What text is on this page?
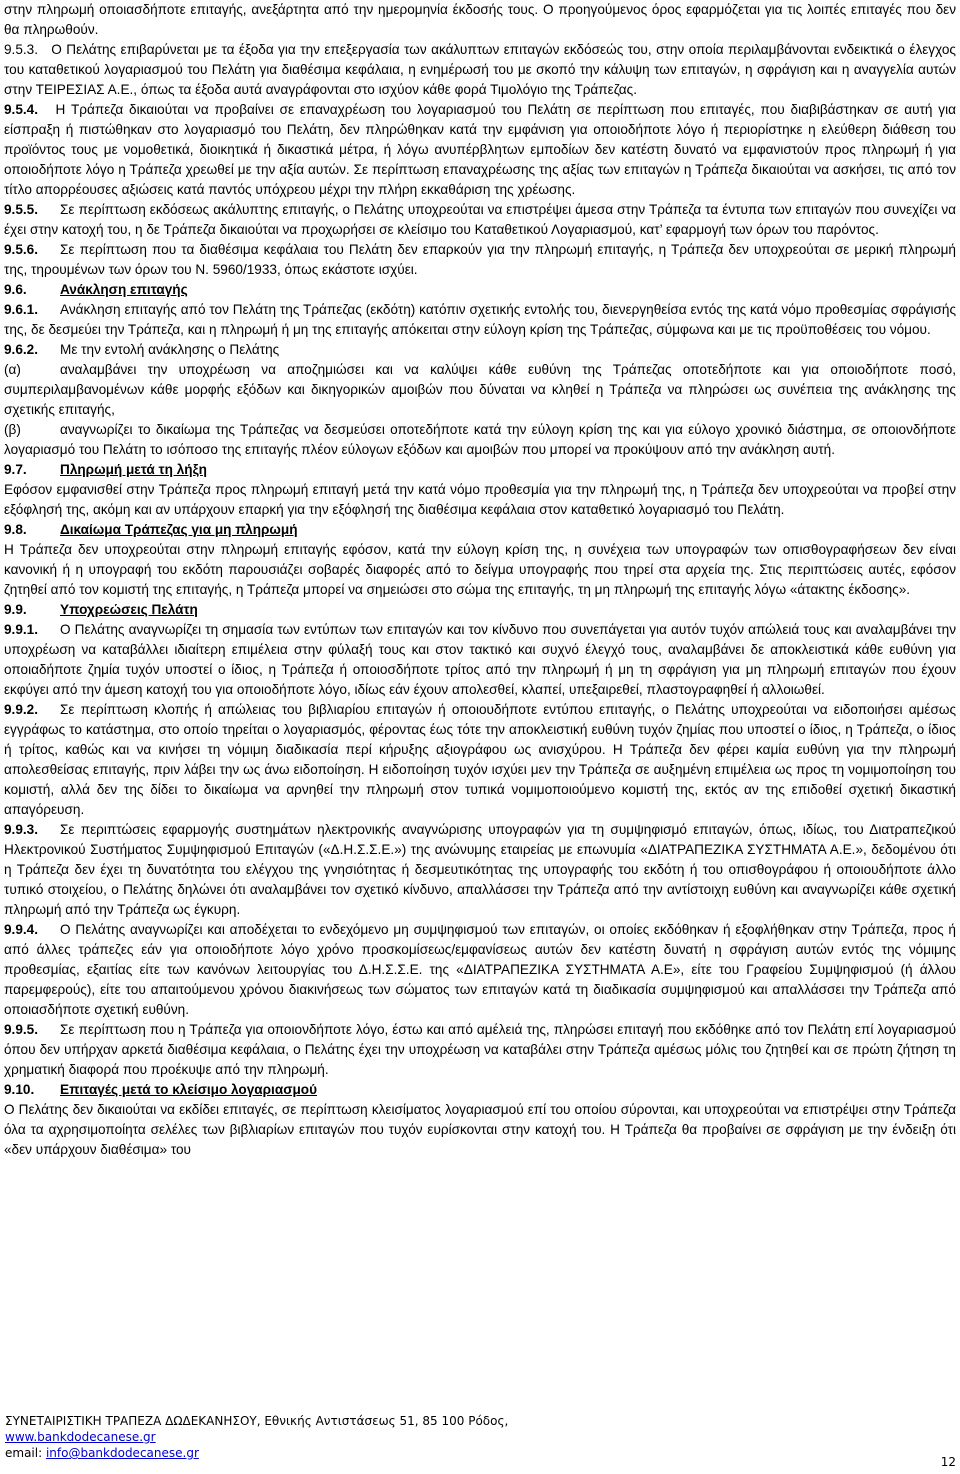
στην πληρωμή οποιασδήποτε επιταγής, ανεξάρτητα από την ημερομηνία έκδοσής τους. Ο προηγούμενος όρος εφαρμόζεται για τις λοιπές επιταγές που δεν θα πληρωθούν.

9.5.3. Ο Πελάτης επιβαρύνεται με τα έξοδα για την επεξεργασία των ακάλυπτων επιταγών εκδόσεώς του, στην οποία περιλαμβάνονται ενδεικτικά ο έλεγχος του καταθετικού λογαριασμού του Πελάτη για διαθέσιμα κεφάλαια, η ενημέρωσή του με σκοπό την κάλυψη των επιταγών, η σφράγιση και η αναγγελία αυτών στην ΤΕΙΡΕΣΙΑΣ Α.Ε., όπως τα έξοδα αυτά αναγράφονται στο ισχύον κάθε φορά Τιμολόγιο της Τράπεζας.

9.5.4. Η Τράπεζα δικαιούται να προβαίνει σε επαναχρέωση του λογαριασμού του Πελάτη σε περίπτωση που επιταγές, που διαβιβάστηκαν σε αυτή για είσπραξη ή πιστώθηκαν στο λογαριασμό του Πελάτη, δεν πληρώθηκαν κατά την εμφάνιση για οποιοδήποτε λόγο ή περιορίστηκε η ελεύθερη διάθεση του προϊόντος τους με νομοθετικά, διοικητικά ή δικαστικά μέτρα, ή λόγω ανυπέρβλητων εμποδίων δεν κατέστη δυνατό να εμφανιστούν προς πληρωμή ή για οποιοδήποτε λόγο η Τράπεζα χρεωθεί με την αξία αυτών. Σε περίπτωση επαναχρέωσης της αξίας των επιταγών η Τράπεζα δικαιούται να ασκήσει, τις από τον τίτλο απορρέουσες αξιώσεις κατά παντός υπόχρεου μέχρι την πλήρη εκκαθάριση της χρέωσης.

9.5.5. Σε περίπτωση εκδόσεως ακάλυπτης επιταγής, ο Πελάτης υποχρεούται να επιστρέψει άμεσα στην Τράπεζα τα έντυπα των επιταγών που συνεχίζει να έχει στην κατοχή του, η δε Τράπεζα δικαιούται να προχωρήσει σε κλείσιμο του Καταθετικού Λογαριασμού, κατ’ εφαρμογή των όρων του παρόντος.

9.5.6. Σε περίπτωση που τα διαθέσιμα κεφάλαια του Πελάτη δεν επαρκούν για την πληρωμή επιταγής, η Τράπεζα δεν υποχρεούται σε μερική πληρωμή της, τηρουμένων των όρων του Ν. 5960/1933, όπως εκάστοτε ισχύει.

9.6. Ανάκληση επιταγής

9.6.1. Ανάκληση επιταγής από τον Πελάτη της Τράπεζας (εκδότη) κατόπιν σχετικής εντολής του, διενεργηθείσα εντός της κατά νόμο προθεσμίας σφράγισής της, δε δεσμεύει την Τράπεζα, και η πληρωμή ή μη της επιταγής απόκειται στην εύλογη κρίση της Τράπεζας, σύμφωνα και με τις προϋποθέσεις του νόμου.

9.6.2. Με την εντολή ανάκλησης ο Πελάτης

(α)	αναλαμβάνει την υποχρέωση να αποζημιώσει και να καλύψει κάθε ευθύνη της Τράπεζας οποτεδήποτε και για οποιοδήποτε ποσό, συμπεριλαμβανομένων κάθε μορφής εξόδων και δικηγορικών αμοιβών που δύναται να κληθεί η Τράπεζα να πληρώσει ως συνέπεια της ανάκλησης της σχετικής επιταγής,

(β)	αναγνωρίζει το δικαίωμα της Τράπεζας να δεσμεύσει οποτεδήποτε κατά την εύλογη κρίση της και για εύλογο χρονικό διάστημα, σε οποιονδήποτε λογαριασμό του Πελάτη το ισόποσο της επιταγής πλέον εύλογων εξόδων και αμοιβών που μπορεί να προκύψουν από την ανάκληση αυτή.

9.7. Πληρωμή μετά τη λήξη

Εφόσον εμφανισθεί στην Τράπεζα προς πληρωμή επιταγή μετά την κατά νόμο προθεσμία για την πληρωμή της, η Τράπεζα δεν υποχρεούται να προβεί στην εξόφλησή της, ακόμη και αν υπάρχουν επαρκή για την εξόφλησή της διαθέσιμα κεφάλαια στον καταθετικό λογαριασμό του Πελάτη.

9.8. Δικαίωμα Τράπεζας για μη πληρωμή

Η Τράπεζα δεν υποχρεούται στην πληρωμή επιταγής εφόσον, κατά την εύλογη κρίση της, η συνέχεια των υπογραφών των οπισθογραφήσεων δεν είναι κανονική ή η υπογραφή του εκδότη παρουσιάζει σοβαρές διαφορές από το δείγμα υπογραφής που τηρεί στα αρχεία της. Στις περιπτώσεις αυτές, εφόσον ζητηθεί από τον κομιστή της επιταγής, η Τράπεζα μπορεί να σημειώσει στο σώμα της επιταγής, τη μη πληρωμή της επιταγής λόγω «άτακτης έκδοσης».

9.9. Υποχρεώσεις Πελάτη

9.9.1. Ο Πελάτης αναγνωρίζει τη σημασία των εντύπων των επιταγών και τον κίνδυνο που συνεπάγεται για αυτόν τυχόν απώλειά τους και αναλαμβάνει την υποχρέωση να καταβάλλει ιδιαίτερη επιμέλεια στην φύλαξή τους και στον τακτικό και συχνό έλεγχό τους, αναλαμβάνει δε αποκλειστικά κάθε ευθύνη για οποιαδήποτε ζημία τυχόν υποστεί ο ίδιος, η Τράπεζα ή οποιοσδήποτε τρίτος από την πληρωμή ή μη τη σφράγιση για μη πληρωμή επιταγών που έχουν εκφύγει από την άμεση κατοχή του για οποιοδήποτε λόγο, ιδίως εάν έχουν απολεσθεί, κλαπεί, υπεξαιρεθεί, πλαστογραφηθεί ή αλλοιωθεί.

9.9.2. Σε περίπτωση κλοπής ή απώλειας του βιβλιαρίου επιταγών ή οποιουδήποτε εντύπου επιταγής, ο Πελάτης υποχρεούται να ειδοποιήσει αμέσως εγγράφως το κατάστημα, στο οποίο τηρείται ο λογαριασμός, φέροντας έως τότε την αποκλειστική ευθύνη τυχόν ζημίας που υποστεί ο ίδιος, η Τράπεζα, ο ίδιος ή τρίτος, καθώς και να κινήσει τη νόμιμη διαδικασία περί κήρυξης αξιογράφου ως ανισχύρου. Η Τράπεζα δεν φέρει καμία ευθύνη για την πληρωμή απολεσθείσας επιταγής, πριν λάβει την ως άνω ειδοποίηση. Η ειδοποίηση τυχόν ισχύει μεν την Τράπεζα σε αυξημένη επιμέλεια ως προς τη νομιμοποίηση του κομιστή, αλλά δεν της δίδει το δικαίωμα να αρνηθεί την πληρωμή στον τυπικά νομιμοποιούμενο κομιστή της, εκτός αν της επιδοθεί σχετική δικαστική απαγόρευση.

9.9.3. Σε περιπτώσεις εφαρμογής συστημάτων ηλεκτρονικής αναγνώρισης υπογραφών για τη συμψηφισμό επιταγών, όπως, ιδίως, του Διατραπεζικού Ηλεκτρονικού Συστήματος Συμψηφισμού Επιταγών («Δ.Η.Σ.Σ.Ε.») της ανώνυμης εταιρείας με επωνυμία «ΔΙΑΤΡΑΠΕΖΙΚΑ ΣΥΣΤΗΜΑΤΑ Α.Ε.», δεδομένου ότι η Τράπεζα δεν έχει τη δυνατότητα του ελέγχου της γνησιότητας ή δεσμευτικότητας της υπογραφής του εκδότη ή του οπισθογράφου ή οποιουδήποτε άλλο τυπικό στοιχείου, ο Πελάτης δηλώνει ότι αναλαμβάνει τον σχετικό κίνδυνο, απαλλάσσει την Τράπεζα από την αντίστοιχη ευθύνη και αναγνωρίζει κάθε σχετική πληρωμή από την Τράπεζα ως έγκυρη.

9.9.4. Ο Πελάτης αναγνωρίζει και αποδέχεται το ενδεχόμενο μη συμψηφισμού των επιταγών, οι οποίες εκδόθηκαν ή εξοφλήθηκαν στην Τράπεζα, προς ή από άλλες τράπεζες εάν για οποιοδήποτε λόγο χρόνο προσκομίσεως/εμφανίσεως αυτών δεν κατέστη δυνατή η σφράγιση αυτών εντός της νόμιμης προθεσμίας, εξαιτίας είτε των κανόνων λειτουργίας του Δ.Η.Σ.Σ.Ε. της «ΔΙΑΤΡΑΠΕΖΙΚΑ ΣΥΣΤΗΜΑΤΑ Α.Ε», είτε του Γραφείου Συμψηφισμού (ή άλλου παρεμφερούς), είτε του απαιτούμενου χρόνου διακινήσεως των σώματος των επιταγών κατά τη διαδικασία συμψηφισμού και απαλλάσσει την Τράπεζα από οποιασδήποτε σχετική ευθύνη.

9.9.5. Σε περίπτωση που η Τράπεζα για οποιονδήποτε λόγο, έστω και από αμέλειά της, πληρώσει επιταγή που εκδόθηκε από τον Πελάτη επί λογαριασμού όπου δεν υπήρχαν αρκετά διαθέσιμα κεφάλαια, ο Πελάτης έχει την υποχρέωση να καταβάλει στην Τράπεζα αμέσως μόλις του ζητηθεί και σε πρώτη ζήτηση τη χρηματική διαφορά που προέκυψε από την πληρωμή.

9.10. Επιταγές μετά το κλείσιμο λογαριασμού

Ο Πελάτης δεν δικαιούται να εκδίδει επιταγές, σε περίπτωση κλεισίματος λογαριασμού επί του οποίου σύρονται, και υποχρεούται να επιστρέψει στην Τράπεζα όλα τα αχρησιμοποίητα σελέλες των βιβλιαρίων επιταγών που τυχόν ευρίσκονται στην κατοχή του. Η Τράπεζα θα προβαίνει σε σφράγιση με την ένδειξη ότι «δεν υπάρχουν διαθέσιμα» του

ΣΥΝΕΤΑΙΡΙΣΤΙΚΗ ΤΡΑΠΕΖΑ ΔΩΔΕΚΑΝΗΣΟΥ, Εθνικής Αντιστάσεως 51, 85 100 Ρόδος,
www.bankdodecanese.gr
email: info@bankdodecanese.gr
12
